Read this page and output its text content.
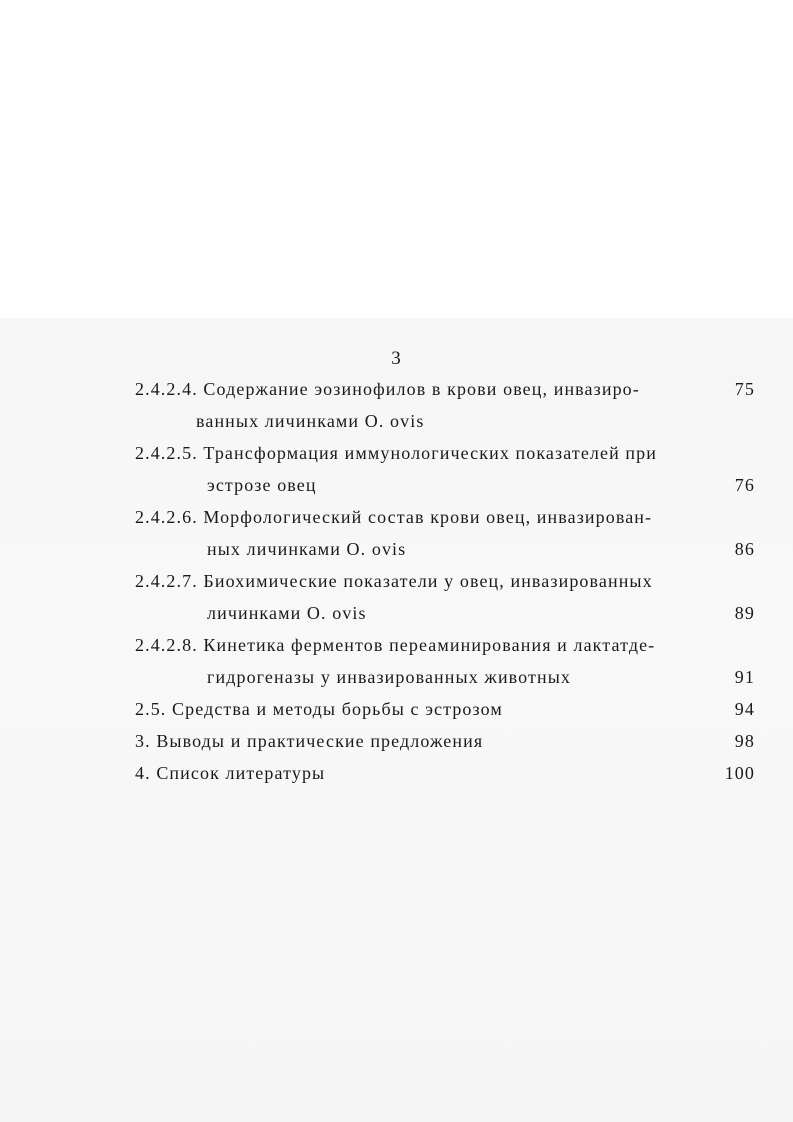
3
2.4.2.4. Содержание эозинофилов в крови овец, инвазиро-	75
ванных личинками O. ovis
2.4.2.5. Трансформация иммунологических показателей при
эстрозе овец	76
2.4.2.6. Морфологический состав крови овец, инвазирован-
ных личинками O. ovis	86
2.4.2.7. Биохимические показатели у овец, инвазированных
личинками O. ovis	89
2.4.2.8. Кинетика ферментов переаминирования и лактатде-
гидрогеназы у инвазированных животных	91
2.5. Средства и методы борьбы с эстрозом	94
3. Выводы и практические предложения	98
4. Список литературы	100
